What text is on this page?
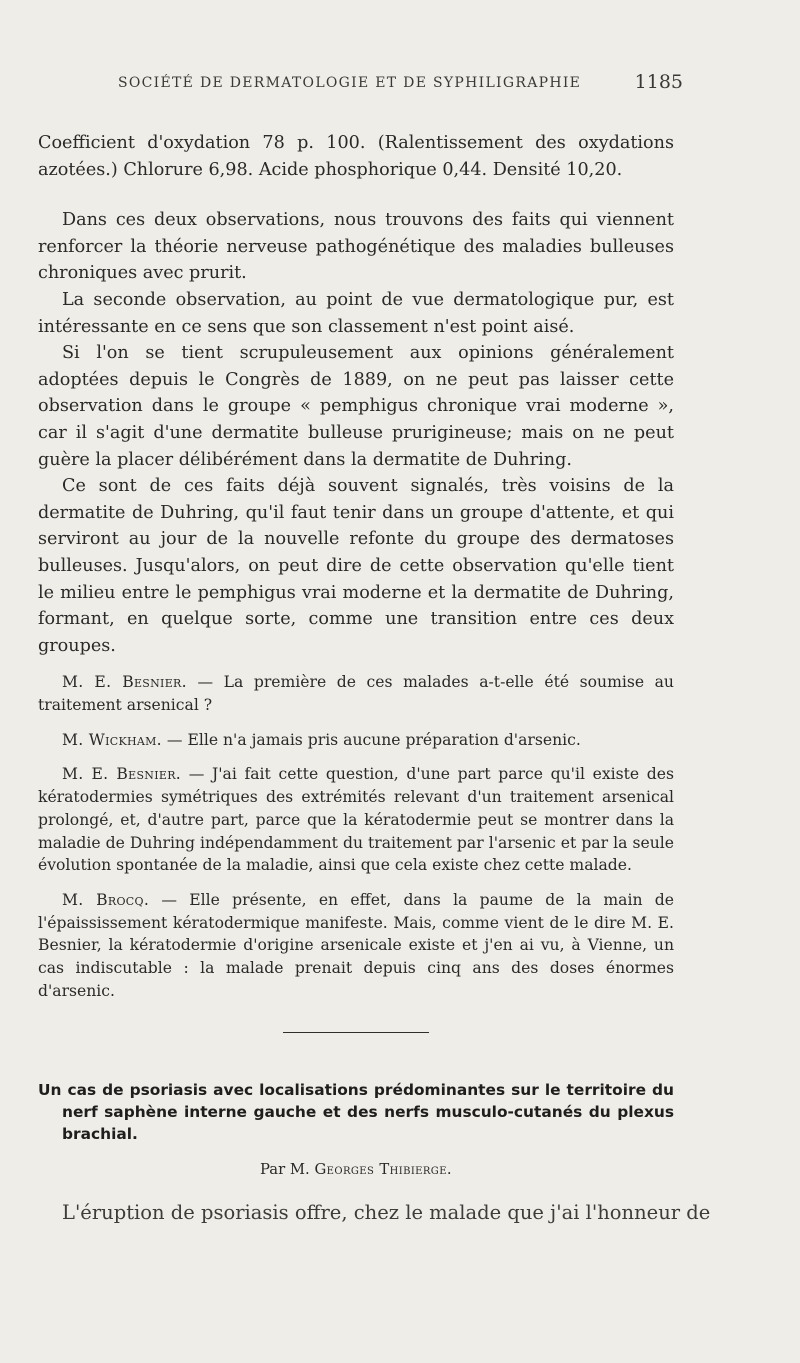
SOCIÉTÉ DE DERMATOLOGIE ET DE SYPHILIGRAPHIE	1185

Coefficient d'oxydation 78 p. 100. (Ralentissement des oxydations azotées.) Chlorure 6,98. Acide phosphorique 0,44. Densité 10,20.

Dans ces deux observations, nous trouvons des faits qui viennent renforcer la théorie nerveuse pathogénétique des maladies bulleuses chroniques avec prurit.

La seconde observation, au point de vue dermatologique pur, est intéressante en ce sens que son classement n'est point aisé.

Si l'on se tient scrupuleusement aux opinions généralement adoptées depuis le Congrès de 1889, on ne peut pas laisser cette observation dans le groupe « pemphigus chronique vrai moderne », car il s'agit d'une dermatite bulleuse prurigineuse; mais on ne peut guère la placer délibérément dans la dermatite de Duhring.

Ce sont de ces faits déjà souvent signalés, très voisins de la dermatite de Duhring, qu'il faut tenir dans un groupe d'attente, et qui serviront au jour de la nouvelle refonte du groupe des dermatoses bulleuses. Jusqu'alors, on peut dire de cette observation qu'elle tient le milieu entre le pemphigus vrai moderne et la dermatite de Duhring, formant, en quelque sorte, comme une transition entre ces deux groupes.

M. E. Besnier. — La première de ces malades a-t-elle été soumise au traitement arsenical ?

M. Wickham. — Elle n'a jamais pris aucune préparation d'arsenic.

M. E. Besnier. — J'ai fait cette question, d'une part parce qu'il existe des kératodermies symétriques des extrémités relevant d'un traitement arsenical prolongé, et, d'autre part, parce que la kératodermie peut se montrer dans la maladie de Duhring indépendamment du traitement par l'arsenic et par la seule évolution spontanée de la maladie, ainsi que cela existe chez cette malade.

M. Brocq. — Elle présente, en effet, dans la paume de la main de l'épaississement kératodermique manifeste. Mais, comme vient de le dire M. E. Besnier, la kératodermie d'origine arsenicale existe et j'en ai vu, à Vienne, un cas indiscutable : la malade prenait depuis cinq ans des doses énormes d'arsenic.

Un cas de psoriasis avec localisations prédominantes sur le territoire du nerf saphène interne gauche et des nerfs musculo-cutanés du plexus brachial.
Par M. Georges Thibierge.
L'éruption de psoriasis offre, chez le malade que j'ai l'honneur de
